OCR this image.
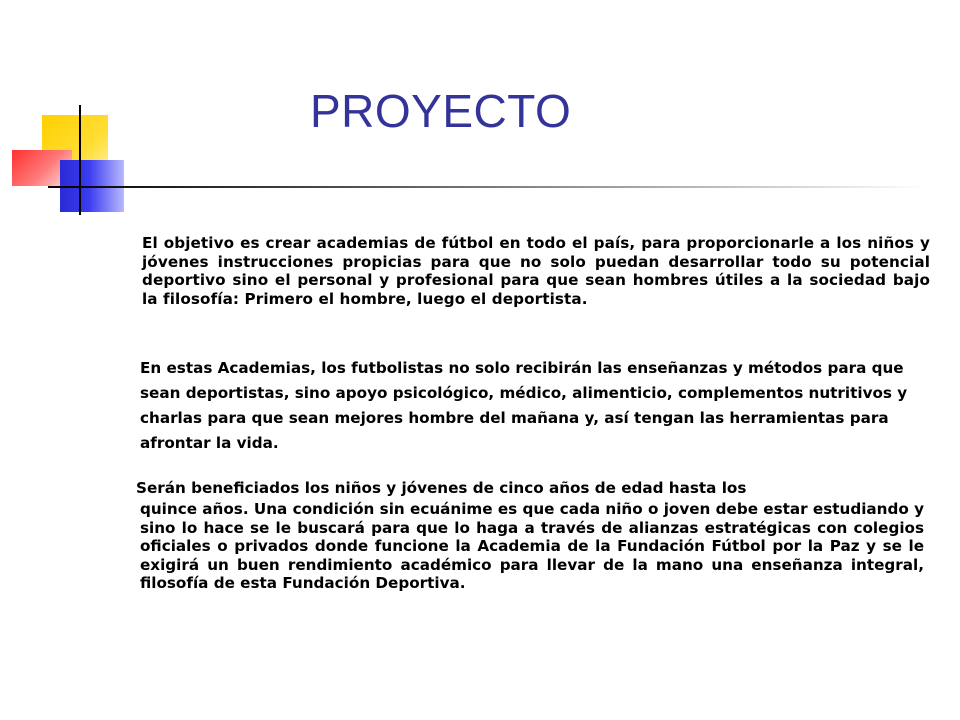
PROYECTO

El objetivo es crear academias de fútbol en todo el país, para proporcionarle a los niños y jóvenes instrucciones propicias para que no solo puedan desarrollar todo su potencial deportivo sino el personal y profesional para que sean hombres útiles a la sociedad bajo la filosofía: Primero el hombre, luego el deportista.

En estas Academias, los futbolistas no solo recibirán las enseñanzas y métodos para que sean deportistas, sino apoyo psicológico, médico, alimenticio, complementos nutritivos y charlas para que sean mejores hombre del mañana y, así tengan las herramientas para afrontar la vida.

Serán beneficiados los niños y jóvenes de cinco años de edad hasta los
quince años. Una condición sin ecuánime es que cada niño o joven debe estar estudiando y sino lo hace se le buscará para que lo haga a través de alianzas estratégicas con colegios oficiales o privados donde funcione la Academia de la Fundación Fútbol por la Paz y se le exigirá un buen rendimiento académico para llevar de la mano una enseñanza integral, filosofía de esta Fundación Deportiva.
